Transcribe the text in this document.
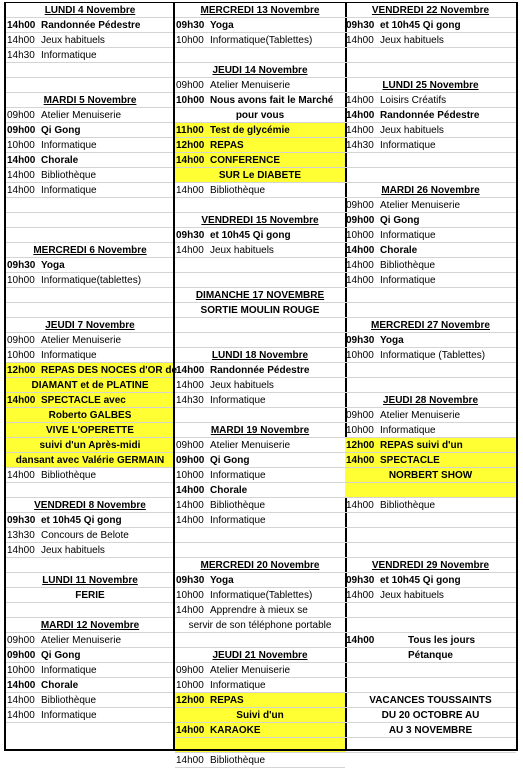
LUNDI 4 Novembre
14h00 Randonnée Pédestre
14h00 Jeux habituels
14h30 Informatique
MARDI 5 Novembre
09h00 Atelier Menuiserie
09h00 Qi Gong
10h00 Informatique
14h00 Chorale
14h00 Bibliothèque
14h00 Informatique
MERCREDI 6 Novembre
09h30 Yoga
10h00 Informatique(tablettes)
JEUDI 7 Novembre
09h00 Atelier Menuiserie
10h00 Informatique
12h00 REPAS DES NOCES d'OR de
DIAMANT et de PLATINE
14h00 SPECTACLE avec
Roberto GALBES
VIVE L'OPERETTE
suivi d'un Après-midi
dansant avec Valérie GERMAIN
14h00 Bibliothèque
VENDREDI 8 Novembre
09h30 et 10h45 Qi gong
13h30 Concours de Belote
14h00 Jeux habituels
LUNDI 11 Novembre
FERIE
MARDI 12 Novembre
09h00 Atelier Menuiserie
09h00 Qi Gong
10h00 Informatique
14h00 Chorale
14h00 Bibliothèque
14h00 Informatique
MERCREDI 13 Novembre
09h30 Yoga
10h00 Informatique(Tablettes)
JEUDI 14 Novembre
09h00 Atelier Menuiserie
10h00 Nous avons fait le Marché
pour vous
11h00 Test de glycémie
12h00 REPAS
14h00 CONFERENCE
SUR Le DIABETE
14h00 Bibliothèque
VENDREDI 15 Novembre
09h30 et 10h45 Qi gong
14h00 Jeux habituels
DIMANCHE 17 NOVEMBRE
SORTIE MOULIN ROUGE
LUNDI 18 Novembre
14h00 Randonnée Pédestre
14h00 Jeux habituels
14h30 Informatique
MARDI 19 Novembre
09h00 Atelier Menuiserie
09h00 Qi Gong
10h00 Informatique
14h00 Chorale
14h00 Bibliothèque
14h00 Informatique
MERCREDI 20 Novembre
09h30 Yoga
10h00 Informatique(Tablettes)
14h00 Apprendre à mieux se
servir de son téléphone portable
JEUDI 21 Novembre
09h00 Atelier Menuiserie
10h00 Informatique
12h00 REPAS
Suivi d'un
14h00 KARAOKE
14h00 Bibliothèque
VENDREDI 22 Novembre
09h30 et 10h45 Qi gong
14h00 Jeux habituels
LUNDI 25 Novembre
14h00 Loisirs Créatifs
14h00 Randonnée Pédestre
14h00 Jeux habituels
14h30 Informatique
MARDI 26 Novembre
09h00 Atelier Menuiserie
09h00 Qi Gong
10h00 Informatique
14h00 Chorale
14h00 Bibliothèque
14h00 Informatique
MERCREDI 27 Novembre
09h30 Yoga
10h00 Informatique (Tablettes)
JEUDI 28 Novembre
09h00 Atelier Menuiserie
10h00 Informatique
12h00 REPAS suivi d'un
14h00 SPECTACLE
NORBERT SHOW
14h00 Bibliothèque
VENDREDI 29 Novembre
09h30 et 10h45 Qi gong
14h00 Jeux habituels
14h00	Tous les jours
Pétanque
VACANCES TOUSSAINTS
DU 20 OCTOBRE AU
AU 3 NOVEMBRE
